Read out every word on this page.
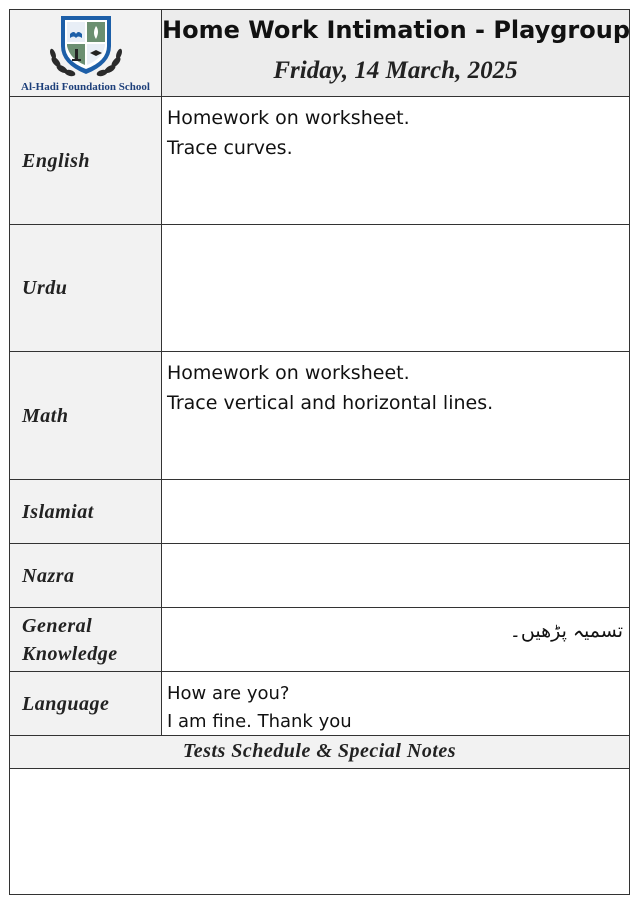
Al-Hadi Foundation School
Home Work Intimation - Playgroup
Friday, 14 March, 2025
English
Homework on worksheet.
Trace curves.
Urdu
Math
Homework on worksheet.
Trace vertical and horizontal lines.
Islamiat
Nazra
General Knowledge
تسمیہ پڑھیں۔
Language	How are you?
I am fine. Thank you
Tests Schedule & Special Notes
